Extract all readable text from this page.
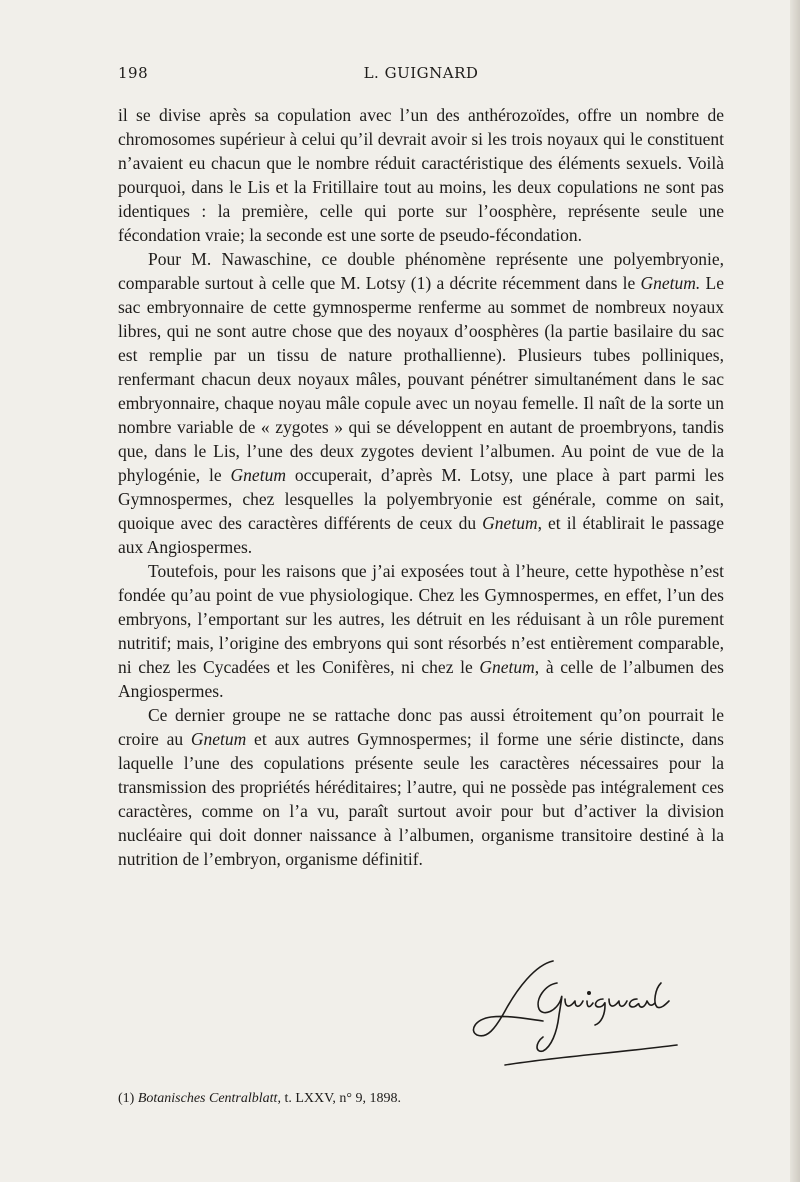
198	L. GUIGNARD

il se divise après sa copulation avec l’un des anthérozoïdes, offre un nombre de chromosomes supérieur à celui qu’il devrait avoir si les trois noyaux qui le constituent n’avaient eu chacun que le nombre réduit caractéristique des éléments sexuels. Voilà pourquoi, dans le Lis et la Fritillaire tout au moins, les deux copulations ne sont pas identiques : la première, celle qui porte sur l’oosphère, représente seule une fécondation vraie; la seconde est une sorte de pseudo-fécondation.

Pour M. Nawaschine, ce double phénomène représente une polyembryonie, comparable surtout à celle que M. Lotsy (1) a décrite récemment dans le Gnetum. Le sac embryonnaire de cette gymnosperme renferme au sommet de nombreux noyaux libres, qui ne sont autre chose que des noyaux d’oosphères (la partie basilaire du sac est remplie par un tissu de nature prothallienne). Plusieurs tubes polliniques, renfermant chacun deux noyaux mâles, pouvant pénétrer simultanément dans le sac embryonnaire, chaque noyau mâle copule avec un noyau femelle. Il naît de la sorte un nombre variable de « zygotes » qui se développent en autant de proembryons, tandis que, dans le Lis, l’une des deux zygotes devient l’albumen. Au point de vue de la phylogénie, le Gnetum occuperait, d’après M. Lotsy, une place à part parmi les Gymnospermes, chez lesquelles la polyembryonie est générale, comme on sait, quoique avec des caractères différents de ceux du Gnetum, et il établirait le passage aux Angiospermes.

Toutefois, pour les raisons que j’ai exposées tout à l’heure, cette hypothèse n’est fondée qu’au point de vue physiologique. Chez les Gymnospermes, en effet, l’un des embryons, l’emportant sur les autres, les détruit en les réduisant à un rôle purement nutritif; mais, l’origine des embryons qui sont résorbés n’est entièrement comparable, ni chez les Cycadées et les Conifères, ni chez le Gnetum, à celle de l’albumen des Angiospermes.

Ce dernier groupe ne se rattache donc pas aussi étroitement qu’on pourrait le croire au Gnetum et aux autres Gymnospermes; il forme une série distincte, dans laquelle l’une des copulations présente seule les caractères nécessaires pour la transmission des propriétés héréditaires; l’autre, qui ne possède pas intégralement ces caractères, comme on l’a vu, paraît surtout avoir pour but d’activer la division nucléaire qui doit donner naissance à l’albumen, organisme transitoire destiné à la nutrition de l’embryon, organisme définitif.

(1) Botanisches Centralblatt, t. LXXV, n° 9, 1898.
